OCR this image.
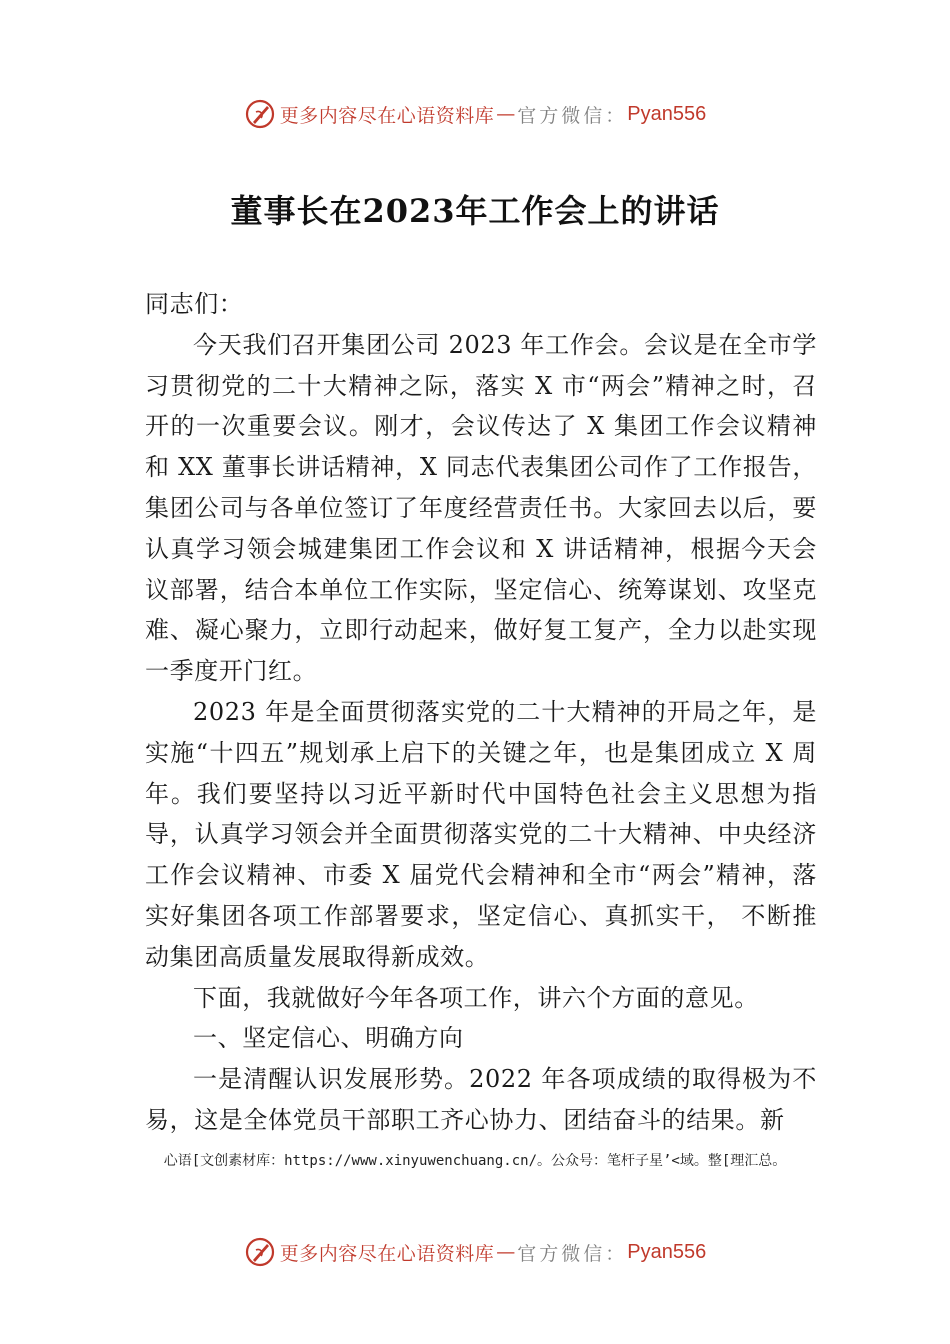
更多内容尽在心语资料库 — 官方微信： Pyan556
董事长在2023年工作会上的讲话

同志们：

今天我们召开集团公司 2023 年工作会。会议是在全市学习贯彻党的二十大精神之际，落实 X 市“两会”精神之时，召开的一次重要会议。刚才，会议传达了 X 集团工作会议精神和 XX 董事长讲话精神，X 同志代表集团公司作了工作报告，集团公司与各单位签订了年度经营责任书。大家回去以后，要认真学习领会城建集团工作会议和 X 讲话精神，根据今天会议部署，结合本单位工作实际，坚定信心、统筹谋划、攻坚克难、凝心聚力，立即行动起来，做好复工复产，全力以赴实现一季度开门红。

2023 年是全面贯彻落实党的二十大精神的开局之年，是实施“十四五”规划承上启下的关键之年，也是集团成立 X 周年。我们要坚持以习近平新时代中国特色社会主义思想为指导，认真学习领会并全面贯彻落实党的二十大精神、中央经济工作会议精神、市委 X 届党代会精神和全市“两会”精神，落实好集团各项工作部署要求，坚定信心、真抓实干， 不断推动集团高质量发展取得新成效。

下面，我就做好今年各项工作，讲六个方面的意见。

一、坚定信心、明确方向

一是清醒认识发展形势。2022 年各项成绩的取得极为不易，这是全体党员干部职工齐心协力、团结奋斗的结果。新

心语[文创素材库：https://www.xinyuwenchuang.cn/。公众号：笔杆子星’<域。整[理汇总。
更多内容尽在心语资料库 — 官方微信： Pyan556
